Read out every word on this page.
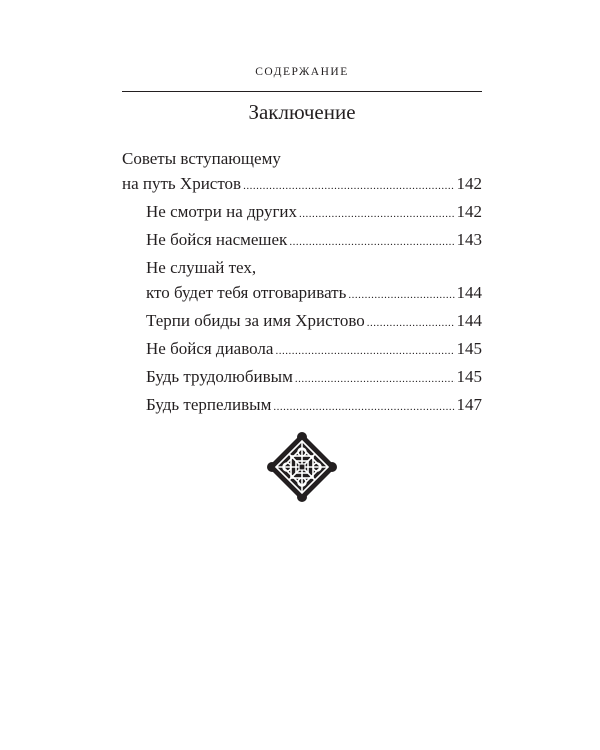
СОДЕРЖАНИЕ
Заключение
Советы вступающему
на путь Христов .....	142
Не смотри на других .....	142
Не бойся насмешек .....	143
Не слушай тех,
кто будет тебя отговаривать .....	144
Терпи обиды за имя Христово .....	144
Не бойся диавола .....	145
Будь трудолюбивым .....	145
Будь терпеливым .....	147
